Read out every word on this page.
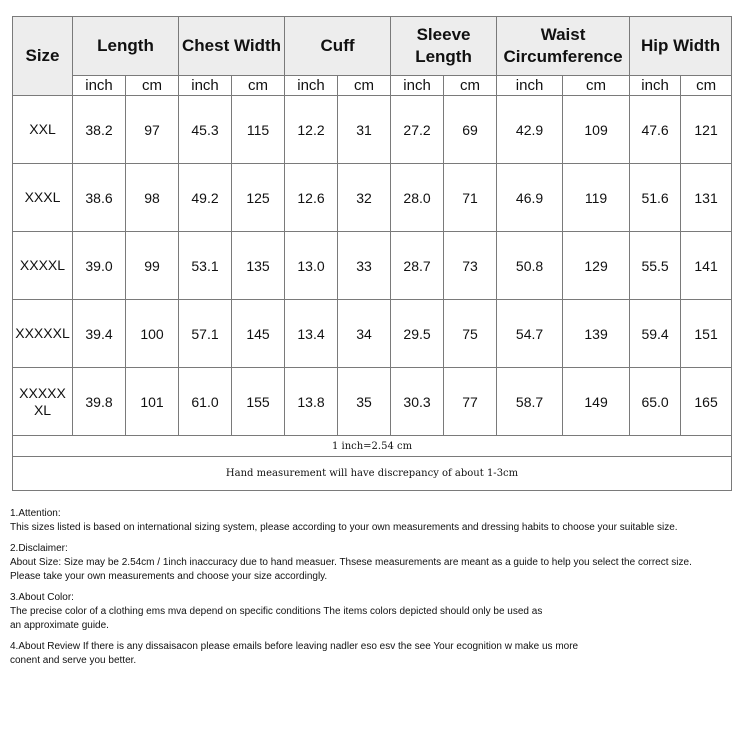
Size	Length		Chest Width		Cuff		Sleeve Length		Waist Circumference		Hip Width	
	inch	cm	inch	cm	inch	cm	inch	cm	inch	cm	inch	cm
XXL	38.2	97	45.3	115	12.2	31	27.2	69	42.9	109	47.6	121
XXXL	38.6	98	49.2	125	12.6	32	28.0	71	46.9	119	51.6	131
XXXXL	39.0	99	53.1	135	13.0	33	28.7	73	50.8	129	55.5	141
XXXXXL	39.4	100	57.1	145	13.4	34	29.5	75	54.7	139	59.4	151
XXXXXXL	39.8	101	61.0	155	13.8	35	30.3	77	58.7	149	65.0	165
1 inch=2.54 cm												
Hand measurement will have discrepancy of about 1-3cm												
1.Attention:
This sizes listed is based on international sizing system, please according to your own measurements and dressing habits to choose your suitable size.
2.Disclaimer:
About Size: Size may be 2.54cm / 1inch inaccuracy due to hand measuer. Thsese measurements are meant as a guide to help you select the correct size.
Please take your own measurements and choose your size accordingly.
3.About Color:
The precise color of a clothing ems mva depend on specific conditions The items colors depicted should only be used as
an approximate guide.
4.About Review If there is any dissaisacon please emails before leaving nadler eso esv the see Your ecognition w make us more
conent and serve you better.
